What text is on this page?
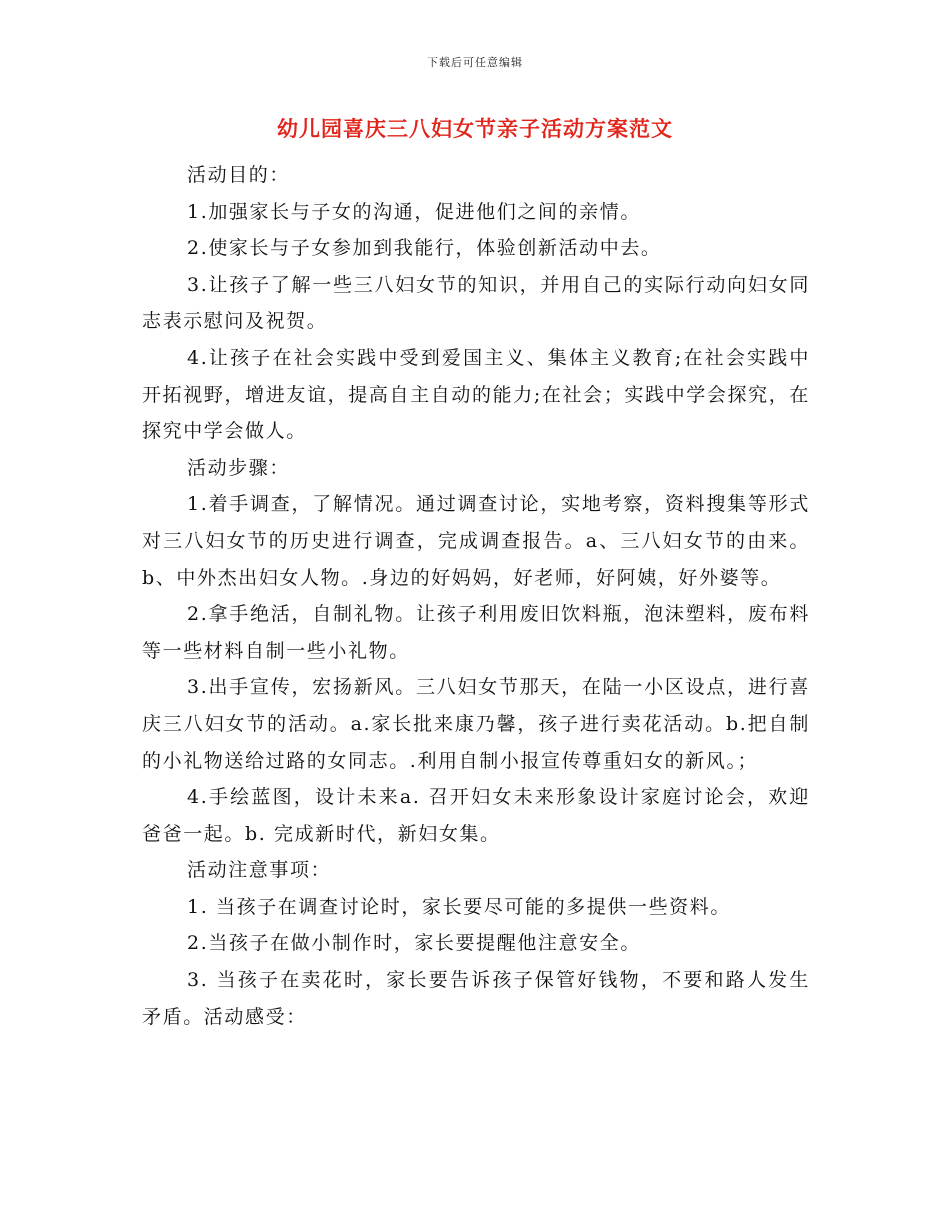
下载后可任意编辑
幼儿园喜庆三八妇女节亲子活动方案范文

活动目的：

1.加强家长与子女的沟通，促进他们之间的亲情。

2.使家长与子女参加到我能行，体验创新活动中去。

3.让孩子了解一些三八妇女节的知识，并用自己的实际行动向妇女同志表示慰问及祝贺。

4.让孩子在社会实践中受到爱国主义、集体主义教育;在社会实践中开拓视野，增进友谊，提高自主自动的能力;在社会；实践中学会探究，在探究中学会做人。

活动步骤：

1.着手调查，了解情况。通过调查讨论，实地考察，资料搜集等形式对三八妇女节的历史进行调查，完成调查报告。a、三八妇女节的由来。b、中外杰出妇女人物。.身边的好妈妈，好老师，好阿姨，好外婆等。

2.拿手绝活，自制礼物。让孩子利用废旧饮料瓶，泡沫塑料，废布料等一些材料自制一些小礼物。

3.出手宣传，宏扬新风。三八妇女节那天，在陆一小区设点，进行喜庆三八妇女节的活动。a.家长批来康乃馨，孩子进行卖花活动。b.把自制的小礼物送给过路的女同志。.利用自制小报宣传尊重妇女的新风。；

4.手绘蓝图，设计未来a. 召开妇女未来形象设计家庭讨论会，欢迎爸爸一起。b. 完成新时代，新妇女集。

活动注意事项：

1. 当孩子在调查讨论时，家长要尽可能的多提供一些资料。

2.当孩子在做小制作时，家长要提醒他注意安全。

3. 当孩子在卖花时，家长要告诉孩子保管好钱物，不要和路人发生矛盾。活动感受：
